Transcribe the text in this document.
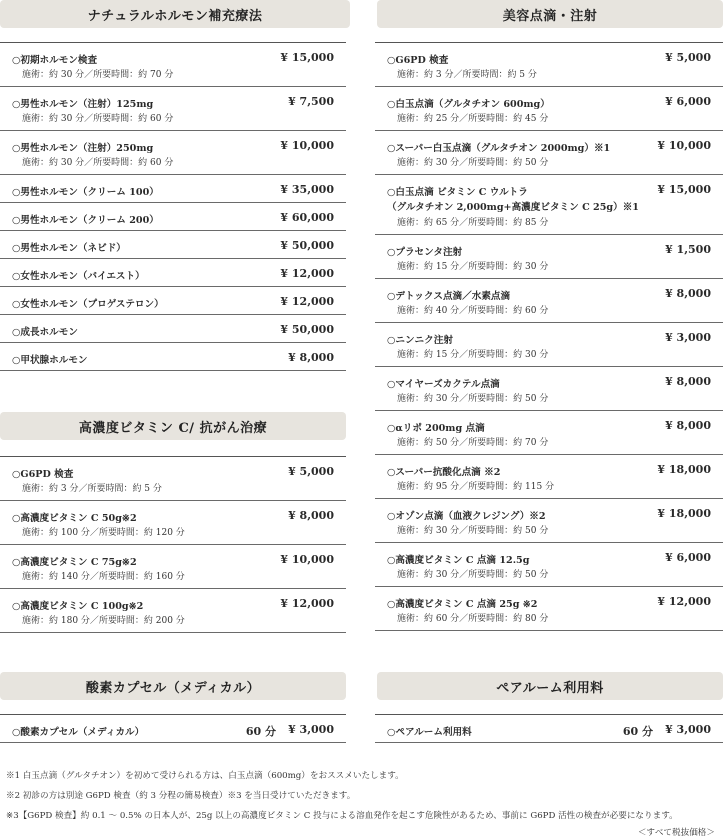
ナチュラルホルモン補充療法
○初期ホルモン検査
施術：約 30 分／所要時間：約 70 分
¥ 15,000
○男性ホルモン（注射）125mg
施術：約 30 分／所要時間：約 60 分
¥ 7,500
○男性ホルモン（注射）250mg
施術：約 30 分／所要時間：約 60 分
¥ 10,000
○男性ホルモン（クリーム 100）	¥ 35,000
○男性ホルモン（クリーム 200）	¥ 60,000
○男性ホルモン（ネビド）	¥ 50,000
○女性ホルモン（バイエスト）	¥ 12,000
○女性ホルモン（プロゲステロン）	¥ 12,000
○成長ホルモン	¥ 50,000
○甲状腺ホルモン	¥ 8,000
高濃度ビタミン C/ 抗がん治療
○G6PD 検査
施術：約 3 分／所要時間：約 5 分
¥ 5,000
○高濃度ビタミン C 50g※2
施術：約 100 分／所要時間：約 120 分
¥ 8,000
○高濃度ビタミン C 75g※2
施術：約 140 分／所要時間：約 160 分
¥ 10,000
○高濃度ビタミン C 100g※2
施術：約 180 分／所要時間：約 200 分
¥ 12,000
酸素カプセル（メディカル）
○酸素カプセル（メディカル）	60 分 ¥ 3,000
美容点滴・注射
○G6PD 検査
施術：約 3 分／所要時間：約 5 分
¥ 5,000
○白玉点滴（グルタチオン 600mg）
施術：約 25 分／所要時間：約 45 分
¥ 6,000
○スーパー白玉点滴（グルタチオン 2000mg）※1
施術：約 30 分／所要時間：約 50 分
¥ 10,000
○白玉点滴 ビタミン C ウルトラ
（グルタチオン 2,000mg+高濃度ビタミン C 25g）※1
施術：約 65 分／所要時間：約 85 分
¥ 15,000
○プラセンタ注射
施術：約 15 分／所要時間：約 30 分
¥ 1,500
○デトックス点滴／水素点滴
施術：約 40 分／所要時間：約 60 分
¥ 8,000
○ニンニク注射
施術：約 15 分／所要時間：約 30 分
¥ 3,000
○マイヤーズカクテル点滴
施術：約 30 分／所要時間：約 50 分
¥ 8,000
○αリポ 200mg 点滴
施術：約 50 分／所要時間：約 70 分
¥ 8,000
○スーパー抗酸化点滴 ※2
施術：約 95 分／所要時間：約 115 分
¥ 18,000
○オゾン点滴（血液クレジング）※2
施術：約 30 分／所要時間：約 50 分
¥ 18,000
○高濃度ビタミン C 点滴 12.5g
施術：約 30 分／所要時間：約 50 分
¥ 6,000
○高濃度ビタミン C 点滴 25g ※2
施術：約 60 分／所要時間：約 80 分
¥ 12,000
ペアルーム利用料
○ペアルーム利用料	60 分 ¥ 3,000
※1 白玉点滴（グルタチオン）を初めて受けられる方は、白玉点滴（600mg）をおススメいたします。
※2 初診の方は別途 G6PD 検査（約 3 分程の簡易検査）※3 を当日受けていただきます。
※3【G6PD 検査】約 0.1 ～ 0.5% の日本人が、25g 以上の高濃度ビタミン C 投与による溶血発作を起こす危険性があるため、事前に G6PD 活性の検査が必要になります。
＜すべて税抜価格＞
